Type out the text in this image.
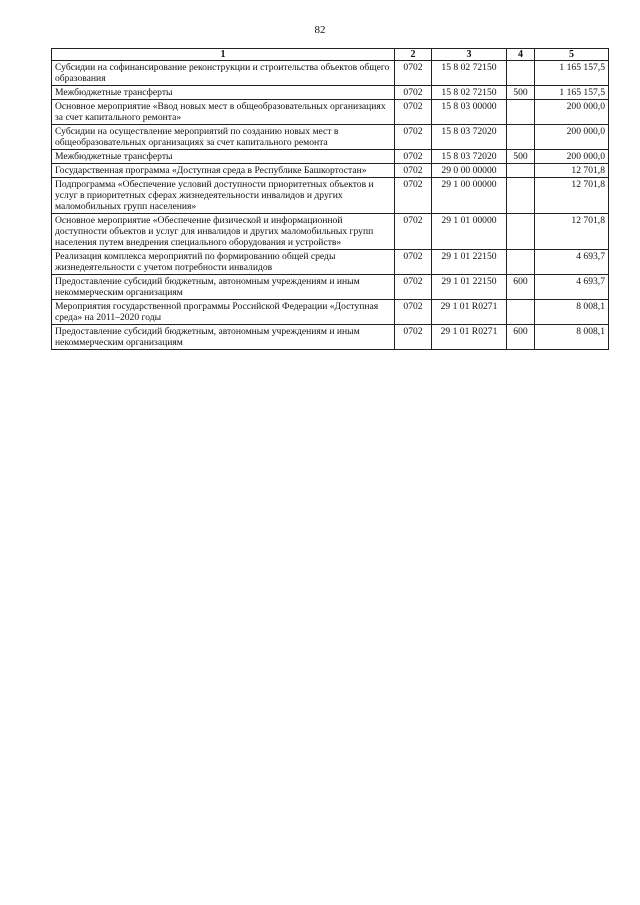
82
1	2	3	4	5
Субсидии на софинансирование реконструкции и строительства объектов общего образования	0702	15 8 02 72150		1 165 157,5
Межбюджетные трансферты	0702	15 8 02 72150	500	1 165 157,5
Основное мероприятие «Ввод новых мест в общеобразовательных организациях за счет капитального ремонта»	0702	15 8 03 00000		200 000,0
Субсидии на осуществление мероприятий по созданию новых мест в общеобразовательных организациях за счет капитального ремонта	0702	15 8 03 72020		200 000,0
Межбюджетные трансферты	0702	15 8 03 72020	500	200 000,0
Государственная программа «Доступная среда в Республике Башкортостан»	0702	29 0 00 00000		12 701,8
Подпрограмма «Обеспечение условий доступности приоритетных объектов и услуг в приоритетных сферах жизнедеятельности инвалидов и других маломобильных групп населения»	0702	29 1 00 00000		12 701,8
Основное мероприятие «Обеспечение физической и информационной доступности объектов и услуг для инвалидов и других маломобильных групп населения путем внедрения специального оборудования и устройств»	0702	29 1 01 00000		12 701,8
Реализация комплекса мероприятий по формированию общей среды жизнедеятельности с учетом потребности инвалидов	0702	29 1 01 22150		4 693,7
Предоставление субсидий бюджетным, автономным учреждениям и иным некоммерческим организациям	0702	29 1 01 22150	600	4 693,7
Мероприятия государственной программы Российской Федерации «Доступная среда» на 2011–2020 годы	0702	29 1 01 R0271		8 008,1
Предоставление субсидий бюджетным, автономным учреждениям и иным некоммерческим организациям	0702	29 1 01 R0271	600	8 008,1
